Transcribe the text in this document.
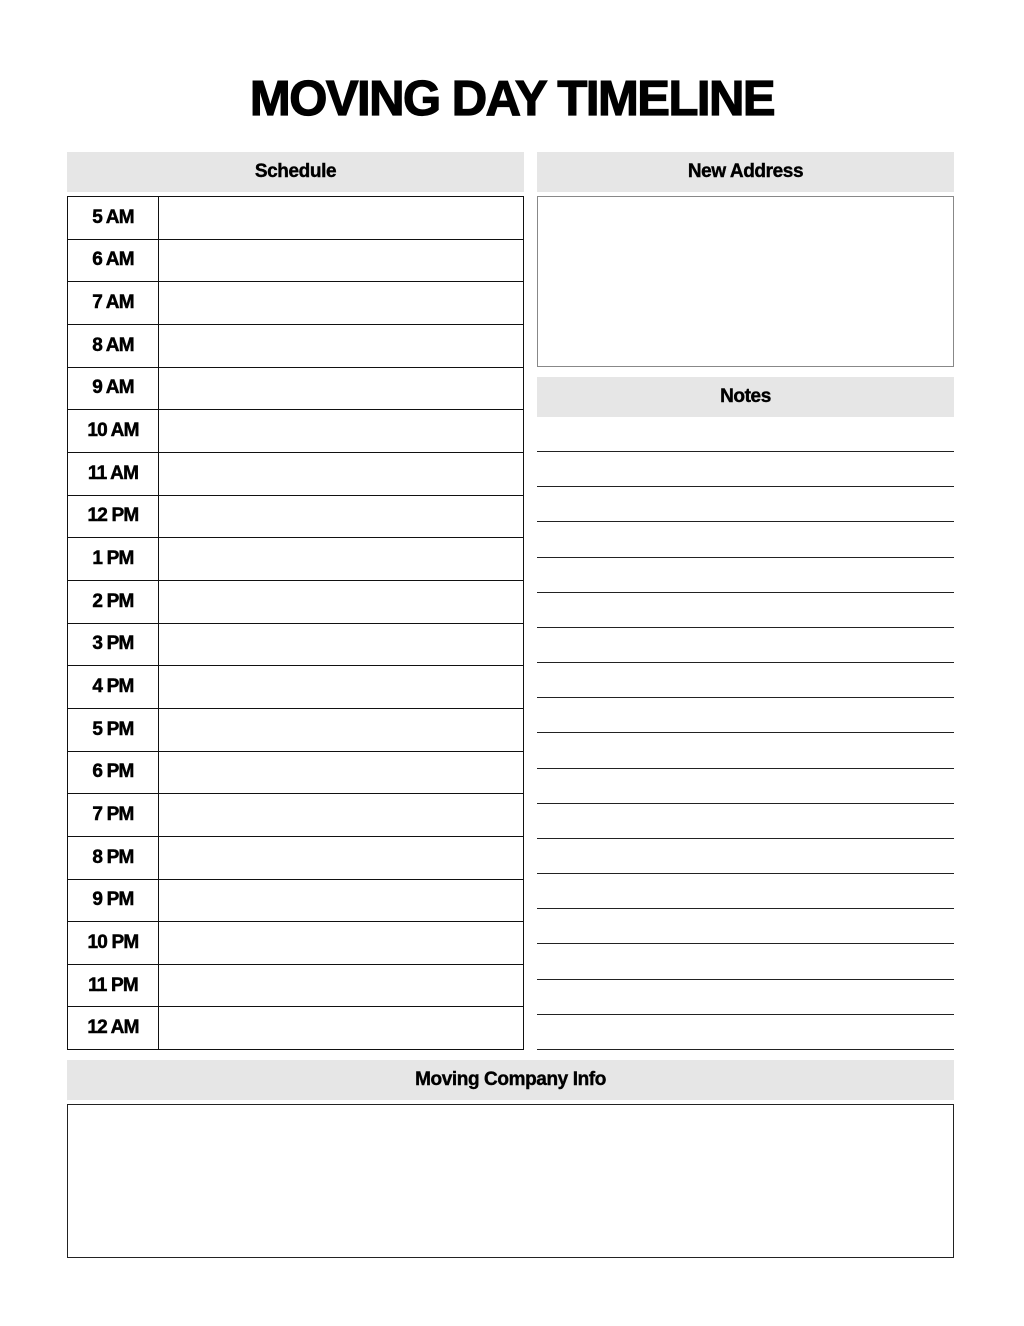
MOVING DAY TIMELINE
Schedule
5 AM
6 AM
7 AM
8 AM
9 AM
10 AM
11 AM
12 PM
1 PM
2 PM
3 PM
4 PM
5 PM
6 PM
7 PM
8 PM
9 PM
10 PM
11 PM
12 AM
New Address
Notes
Moving Company Info
